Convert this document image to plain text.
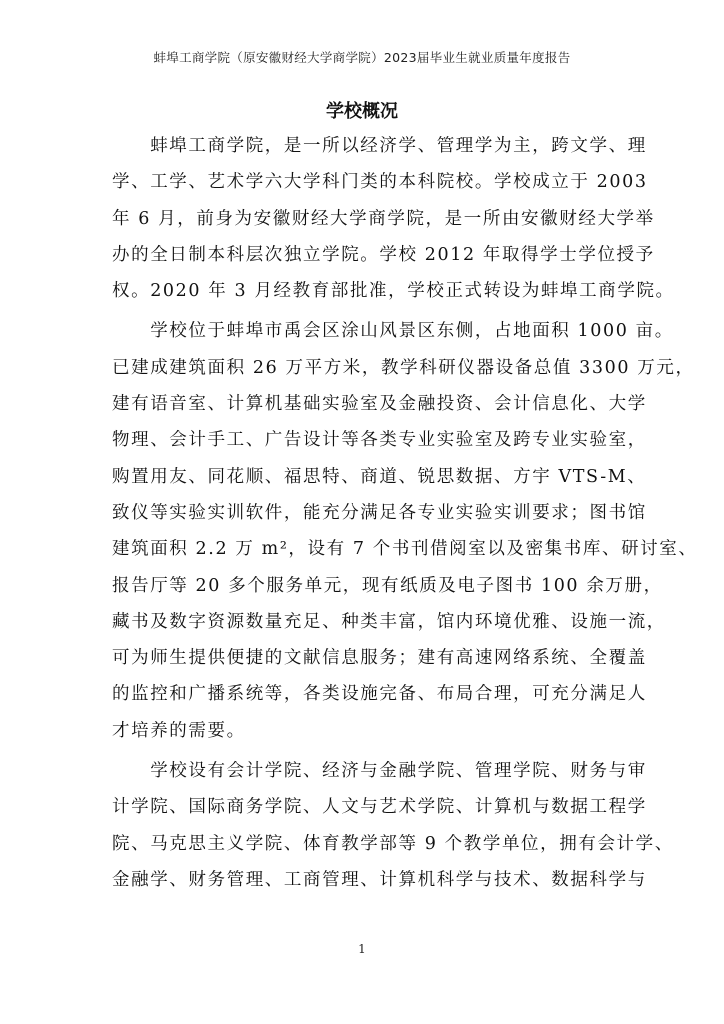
蚌埠工商学院（原安徽财经大学商学院）2023届毕业生就业质量年度报告
学校概况

　　蚌埠工商学院，是一所以经济学、管理学为主，跨文学、理

学、工学、艺术学六大学科门类的本科院校。学校成立于 2003

年 6 月，前身为安徽财经大学商学院，是一所由安徽财经大学举

办的全日制本科层次独立学院。学校 2012 年取得学士学位授予

权。2020 年 3 月经教育部批准，学校正式转设为蚌埠工商学院。

　　学校位于蚌埠市禹会区涂山风景区东侧，占地面积 1000 亩。

已建成建筑面积 26 万平方米，教学科研仪器设备总值 3300 万元，

建有语音室、计算机基础实验室及金融投资、会计信息化、大学

物理、会计手工、广告设计等各类专业实验室及跨专业实验室，

购置用友、同花顺、福思特、商道、锐思数据、方宇 VTS-M、

致仪等实验实训软件，能充分满足各专业实验实训要求；图书馆

建筑面积 2.2 万 m²，设有 7 个书刊借阅室以及密集书库、研讨室、

报告厅等 20 多个服务单元，现有纸质及电子图书 100 余万册，

藏书及数字资源数量充足、种类丰富，馆内环境优雅、设施一流，

可为师生提供便捷的文献信息服务；建有高速网络系统、全覆盖

的监控和广播系统等，各类设施完备、布局合理，可充分满足人

才培养的需要。

　　学校设有会计学院、经济与金融学院、管理学院、财务与审

计学院、国际商务学院、人文与艺术学院、计算机与数据工程学

院、马克思主义学院、体育教学部等 9 个教学单位，拥有会计学、

金融学、财务管理、工商管理、计算机科学与技术、数据科学与

1
